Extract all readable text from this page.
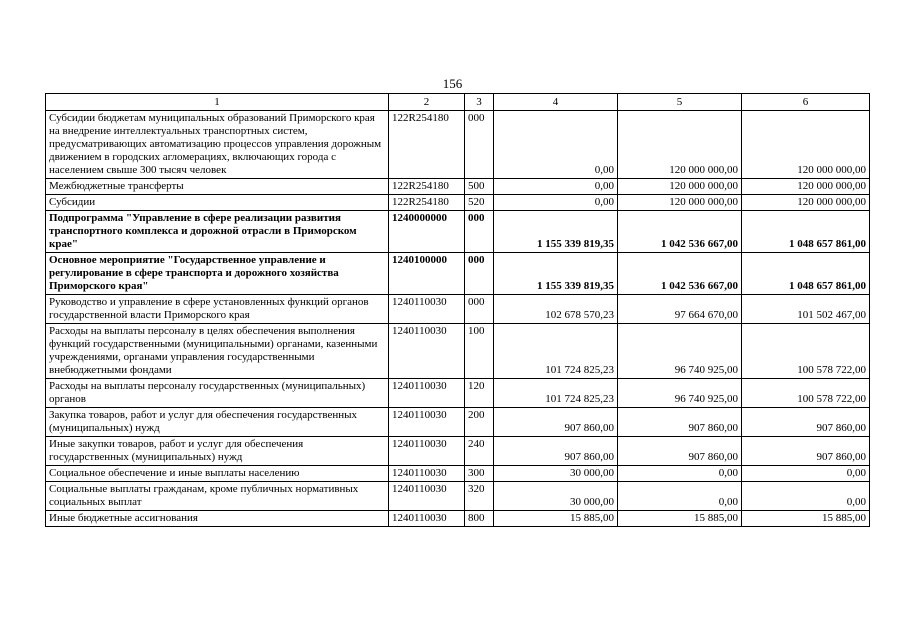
156
1	2	3	4	5	6
Субсидии бюджетам муниципальных образований Приморского края на внедрение интеллектуальных транспортных систем, предусматривающих автоматизацию процессов управления дорожным движением в городских агломерациях, включающих города с населением свыше 300 тысяч человек	122R254180	000	0,00	120 000 000,00	120 000 000,00
Межбюджетные трансферты	122R254180	500	0,00	120 000 000,00	120 000 000,00
Субсидии	122R254180	520	0,00	120 000 000,00	120 000 000,00
Подпрограмма "Управление в сфере реализации развития транспортного комплекса и дорожной отрасли в Приморском крае"	1240000000	000	1 155 339 819,35	1 042 536 667,00	1 048 657 861,00
Основное мероприятие "Государственное управление и регулирование в сфере транспорта и дорожного хозяйства Приморского края"	1240100000	000	1 155 339 819,35	1 042 536 667,00	1 048 657 861,00
Руководство и управление в сфере установленных функций органов государственной власти Приморского края	1240110030	000	102 678 570,23	97 664 670,00	101 502 467,00
Расходы на выплаты персоналу в целях обеспечения выполнения функций государственными (муниципальными) органами, казенными учреждениями, органами управления государственными внебюджетными фондами	1240110030	100	101 724 825,23	96 740 925,00	100 578 722,00
Расходы на выплаты персоналу государственных (муниципальных) органов	1240110030	120	101 724 825,23	96 740 925,00	100 578 722,00
Закупка товаров, работ и услуг для обеспечения государственных (муниципальных) нужд	1240110030	200	907 860,00	907 860,00	907 860,00
Иные закупки товаров, работ и услуг для обеспечения государственных (муниципальных) нужд	1240110030	240	907 860,00	907 860,00	907 860,00
Социальное обеспечение и иные выплаты населению	1240110030	300	30 000,00	0,00	0,00
Социальные выплаты гражданам, кроме публичных нормативных социальных выплат	1240110030	320	30 000,00	0,00	0,00
Иные бюджетные ассигнования	1240110030	800	15 885,00	15 885,00	15 885,00
